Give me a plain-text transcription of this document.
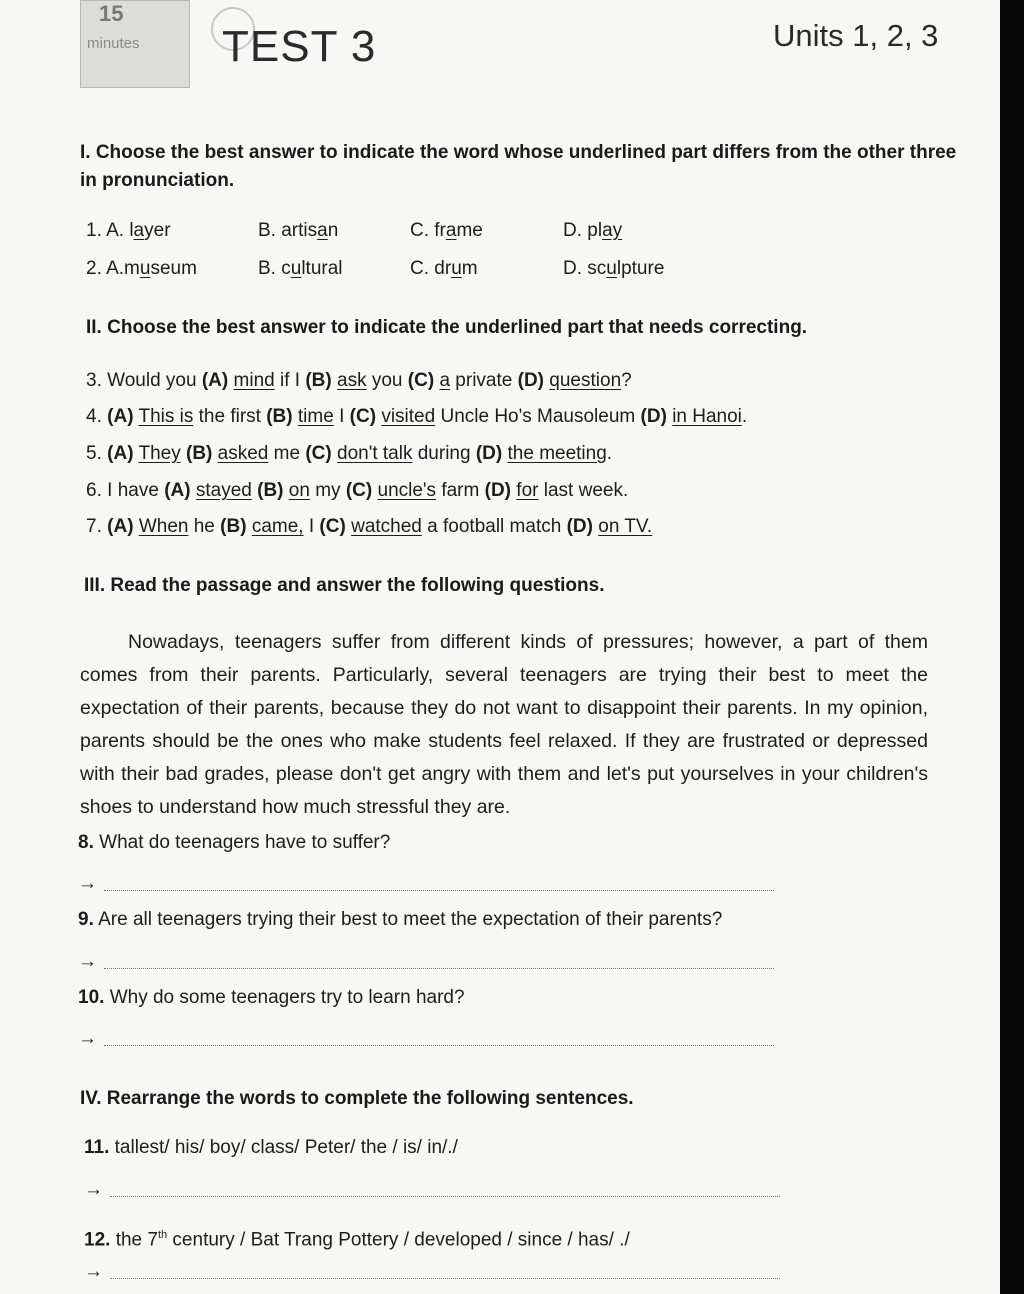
15
minutes TEST 3	Units 1, 2, 3
I. Choose the best answer to indicate the word whose underlined part differs from the other three
in pronunciation.
1. A. layer	B. artisan	C. frame	D. play
2. A.museum	B. cultural	C. drum	D. sculpture
II. Choose the best answer to indicate the underlined part that needs correcting.
3. Would you (A) mind if I (B) ask you (C) a private (D) question?
4. (A) This is the first (B) time I (C) visited Uncle Ho's Mausoleum (D) in Hanoi.
5. (A) They (B) asked me (C) don't talk during (D) the meeting.
6. I have (A) stayed (B) on my (C) uncle's farm (D) for last week.
7. (A) When he (B) came, I (C) watched a football match (D) on TV.
III. Read the passage and answer the following questions.
Nowadays, teenagers suffer from different kinds of pressures; however, a part of them comes from their parents. Particularly, several teenagers are trying their best to meet the expectation of their parents, because they do not want to disappoint their parents. In my opinion, parents should be the ones who make students feel relaxed. If they are frustrated or depressed with their bad grades, please don't get angry with them and let's put yourselves in your children's shoes to understand how much stressful they are.
8. What do teenagers have to suffer?
→
9. Are all teenagers trying their best to meet the expectation of their parents?
→
10. Why do some teenagers try to learn hard?
→
IV. Rearrange the words to complete the following sentences.
11. tallest/ his/ boy/ class/ Peter/ the / is/ in/./
→
12. the 7th century / Bat Trang Pottery / developed / since / has/ ./
→
